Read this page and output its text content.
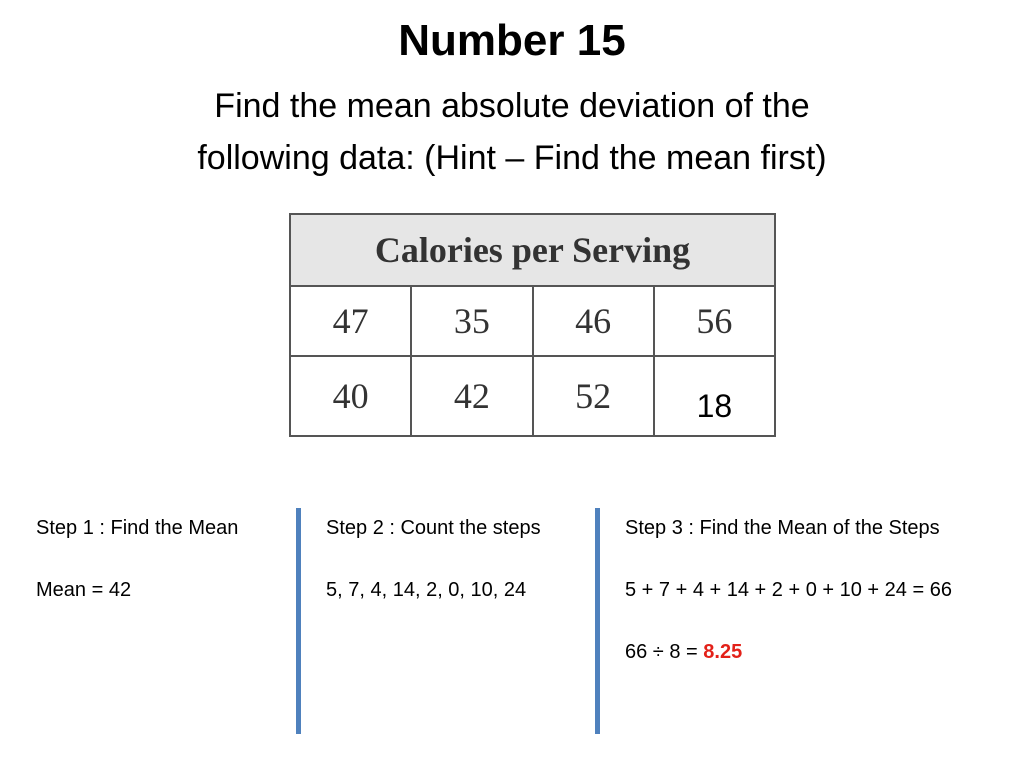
Number 15
Find the mean absolute deviation of the
following data: (Hint – Find the mean first)
Calories per Serving			
47	35	46	56
40	42	52	18

Step 1 : Find the Mean

Mean = 42

Step 2 : Count the steps

5, 7, 4, 14, 2, 0, 10, 24

Step 3 : Find the Mean of the Steps

5 + 7 + 4 + 14 + 2 + 0 + 10 + 24 = 66

66 ÷ 8 = 8.25
